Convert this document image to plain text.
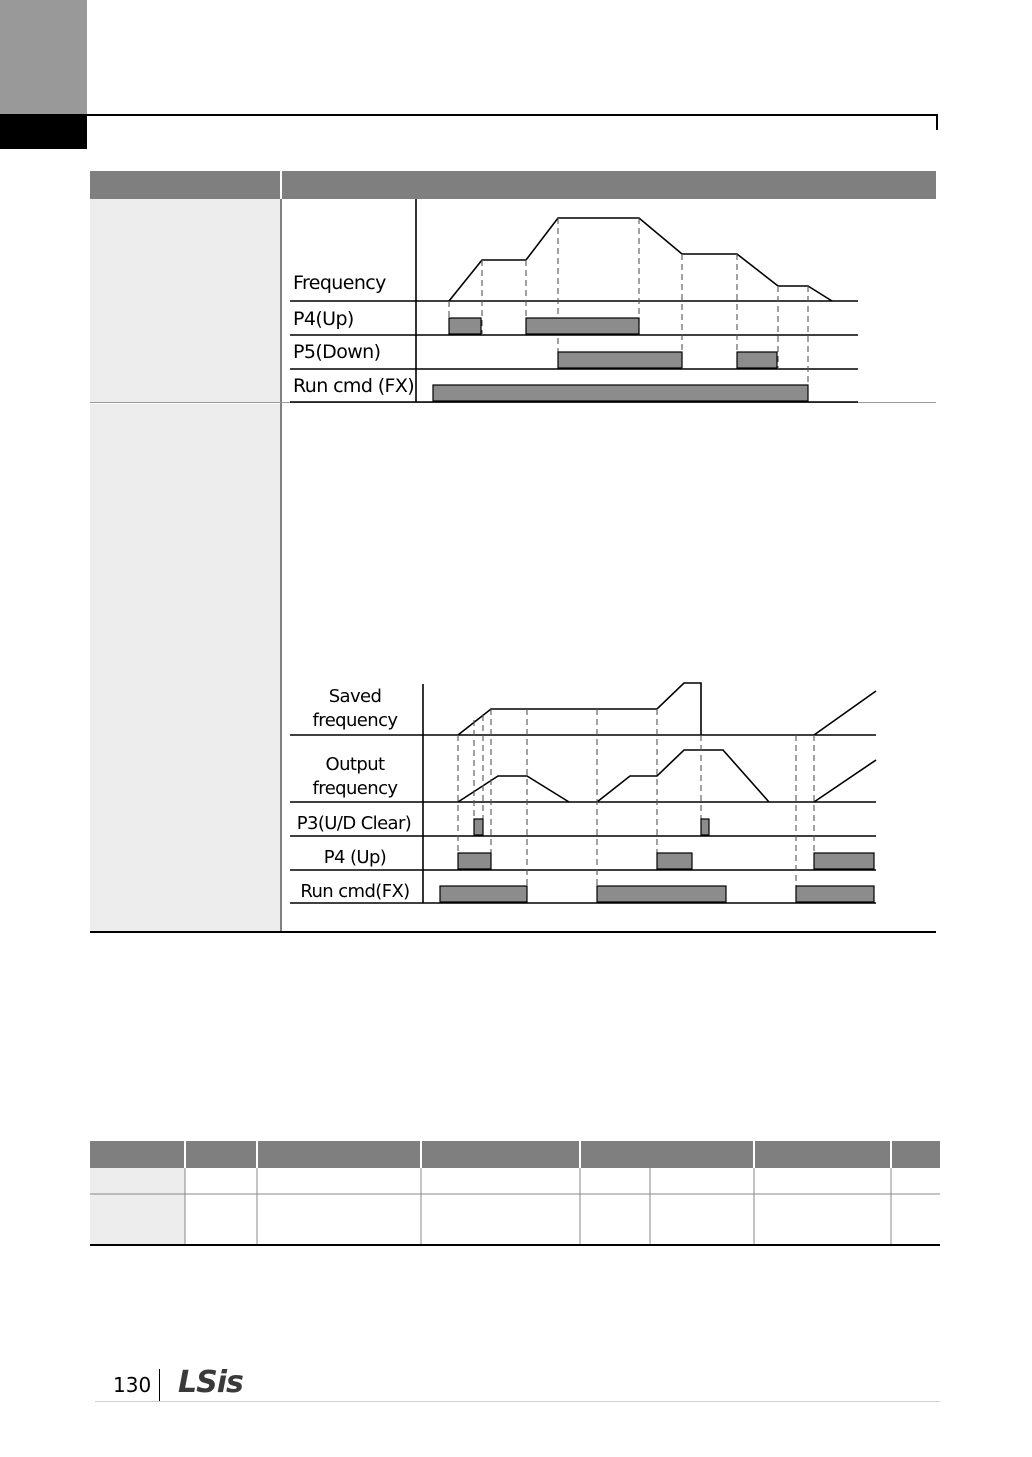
Frequency
P4(Up)
P5(Down)
Run cmd (FX)
Saved
frequency
Output
frequency
P3(U/D Clear)
P4 (Up)
Run cmd(FX)
130 LSis
